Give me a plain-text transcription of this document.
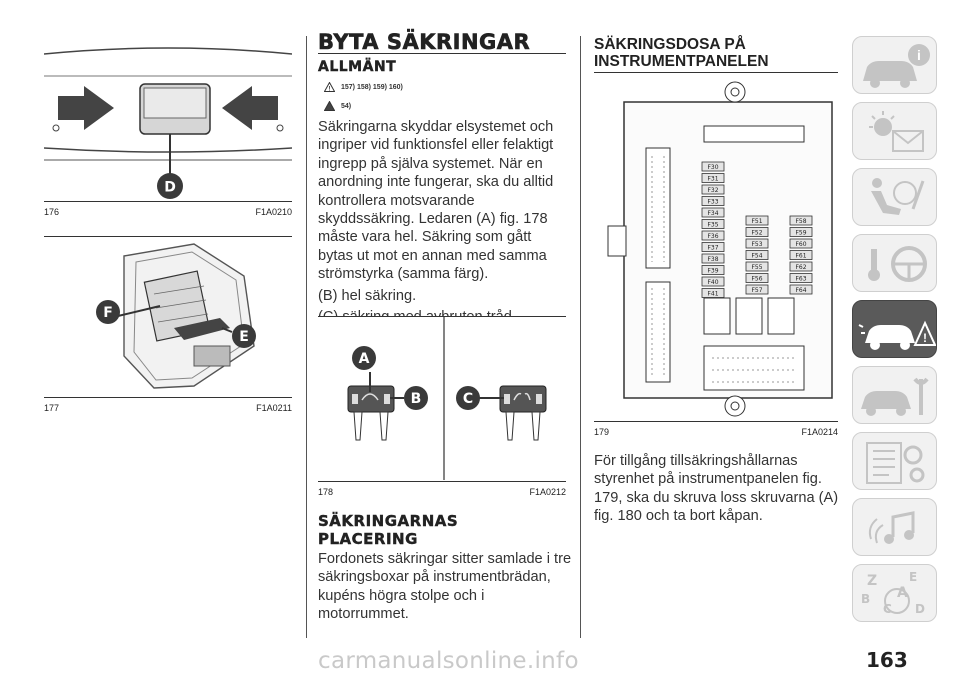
D
176	F1A0210
F
E
177	F1A0211
BYTA SÄKRINGAR
ALLMÄNT
! 157) 158) 159) 160)
54)

Säkringarna skyddar elsystemet och ingriper vid funktionsfel eller felaktigt ingrepp på själva systemet. När en anordning inte fungerar, ska du alltid kontrollera motsvarande skyddssäkring. Ledaren (A) fig. 178 måste vara hel. Säkring som gått bytas ut mot en annan med samma strömstyrka (samma färg).

(B) hel säkring.

A
B	C
178	F1A0212
SÄKRINGARNAS
PLACERING

Fordonets säkringar sitter samlade i tre säkringsboxar på instrumentbrädan, kupéns högra stolpe och i motorrummet.

SÄKRINGSDOSA PÅ
INSTRUMENTPANELEN
F30
F31
F32
F33
F34
F35
F36
F37
F38
F39
F40
F41
F51
F52
F53
F54
F55
F56
F57
F58
F59
F60
F61
F62
F63
F64
179	F1A0214

För tillgång tillsäkringshållarnas styrenhet på instrumentpanelen fig. 179, ska du skruva loss skruvarna (A) fig. 180 och ta bort kåpan.

i
!
Z	E
A
B
C D
163
carmanualsonline.info
